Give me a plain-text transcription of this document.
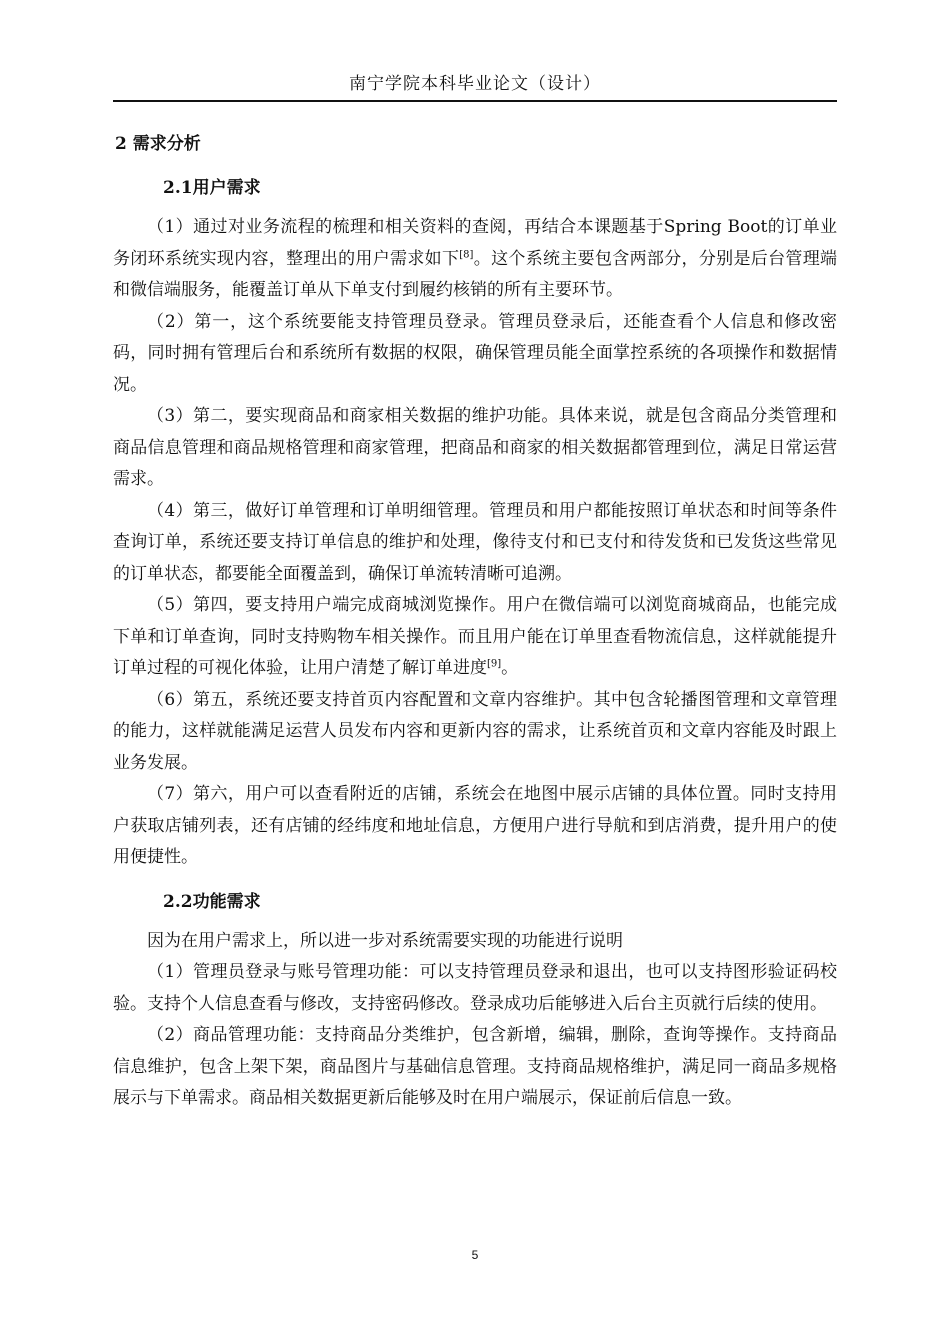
南宁学院本科毕业论文（设计）
2 需求分析
2.1用户需求

（1）通过对业务流程的梳理和相关资料的查阅，再结合本课题基于Spring Boot的订单业务闭环系统实现内容，整理出的用户需求如下[8]。这个系统主要包含两部分，分别是后台管理端和微信端服务，能覆盖订单从下单支付到履约核销的所有主要环节。

（2）第一，这个系统要能支持管理员登录。管理员登录后，还能查看个人信息和修改密码，同时拥有管理后台和系统所有数据的权限，确保管理员能全面掌控系统的各项操作和数据情况。

（3）第二，要实现商品和商家相关数据的维护功能。具体来说，就是包含商品分类管理和商品信息管理和商品规格管理和商家管理，把商品和商家的相关数据都管理到位，满足日常运营需求。

（4）第三，做好订单管理和订单明细管理。管理员和用户都能按照订单状态和时间等条件查询订单，系统还要支持订单信息的维护和处理，像待支付和已支付和待发货和已发货这些常见的订单状态，都要能全面覆盖到，确保订单流转清晰可追溯。

（5）第四，要支持用户端完成商城浏览操作。用户在微信端可以浏览商城商品，也能完成下单和订单查询，同时支持购物车相关操作。而且用户能在订单里查看物流信息，这样就能提升订单过程的可视化体验，让用户清楚了解订单进度[9]。

（6）第五，系统还要支持首页内容配置和文章内容维护。其中包含轮播图管理和文章管理的能力，这样就能满足运营人员发布内容和更新内容的需求，让系统首页和文章内容能及时跟上业务发展。

（7）第六，用户可以查看附近的店铺，系统会在地图中展示店铺的具体位置。同时支持用户获取店铺列表，还有店铺的经纬度和地址信息，方便用户进行导航和到店消费，提升用户的使用便捷性。

2.2功能需求

因为在用户需求上，所以进一步对系统需要实现的功能进行说明

（1）管理员登录与账号管理功能：可以支持管理员登录和退出，也可以支持图形验证码校验。支持个人信息查看与修改，支持密码修改。登录成功后能够进入后台主页就行后续的使用。

（2）商品管理功能：支持商品分类维护，包含新增，编辑，删除，查询等操作。支持商品信息维护，包含上架下架，商品图片与基础信息管理。支持商品规格维护，满足同一商品多规格展示与下单需求。商品相关数据更新后能够及时在用户端展示，保证前后信息一致。

5
